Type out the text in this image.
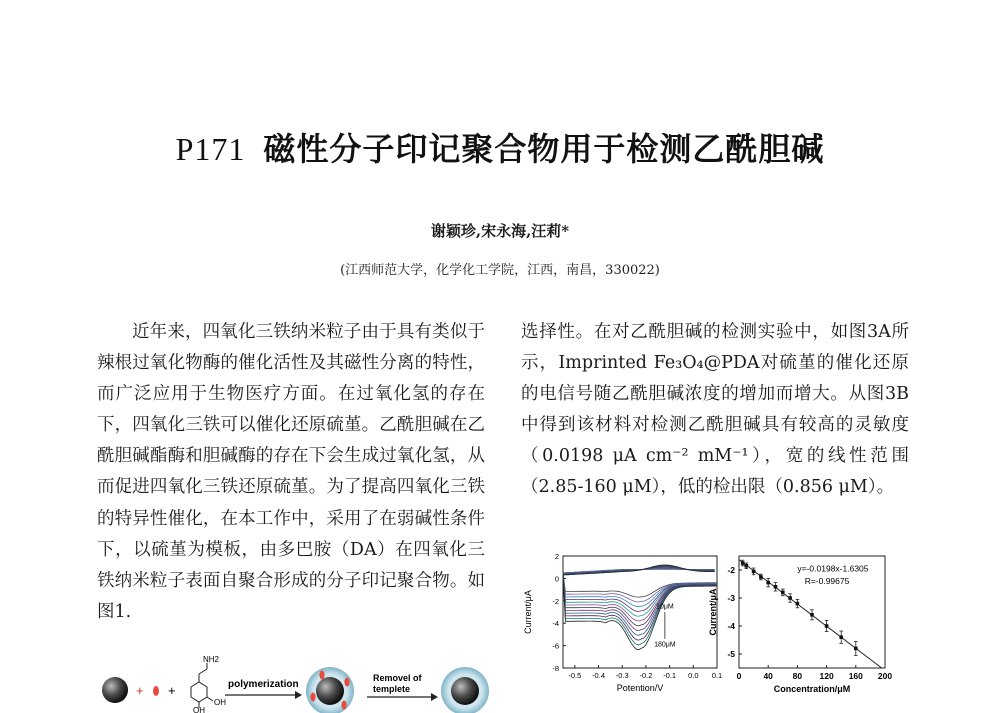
P171 磁性分子印记聚合物用于检测乙酰胆碱
谢颖珍,宋永海,汪莉*
(江西师范大学，化学化工学院，江西，南昌，330022)

近年来，四氧化三铁纳米粒子由于具有类似于辣根过氧化物酶的催化活性及其磁性分离的特性，而广泛应用于生物医疗方面。在过氧化氢的存在下，四氧化三铁可以催化还原硫堇。乙酰胆碱在乙酰胆碱酯酶和胆碱酶的存在下会生成过氧化氢，从而促进四氧化三铁还原硫堇。为了提高四氧化三铁的特异性催化，在本工作中，采用了在弱碱性条件下，以硫堇为模板，由多巴胺（DA）在四氧化三铁纳米粒子表面自聚合形成的分子印记聚合物。如图1.

选择性。在对乙酰胆碱的检测实验中，如图3A所示，Imprinted Fe₃O₄@PDA对硫堇的催化还原的电信号随乙酰胆碱浓度的增加而增大。从图3B中得到该材料对检测乙酰胆碱具有较高的灵敏度（0.0198 μA cm⁻² mM⁻¹），宽的线性范围（2.85-160 μM），低的检出限（0.856 μM）。

-0.5 -0.4 -0.3 -0.2 -0.1 0.0 0.1
2
0
-2
-4
-6
-8
Potention/V
Current/μA	10μM
180μM
0	40 80 120 160 200
-2
-3
-4
-5
Concentration/μM
Current/μA
y=-0.0198x-1.6305
R=-0.99675
+ +
NH2
OH
OH
polymerization
Removel of
templete
